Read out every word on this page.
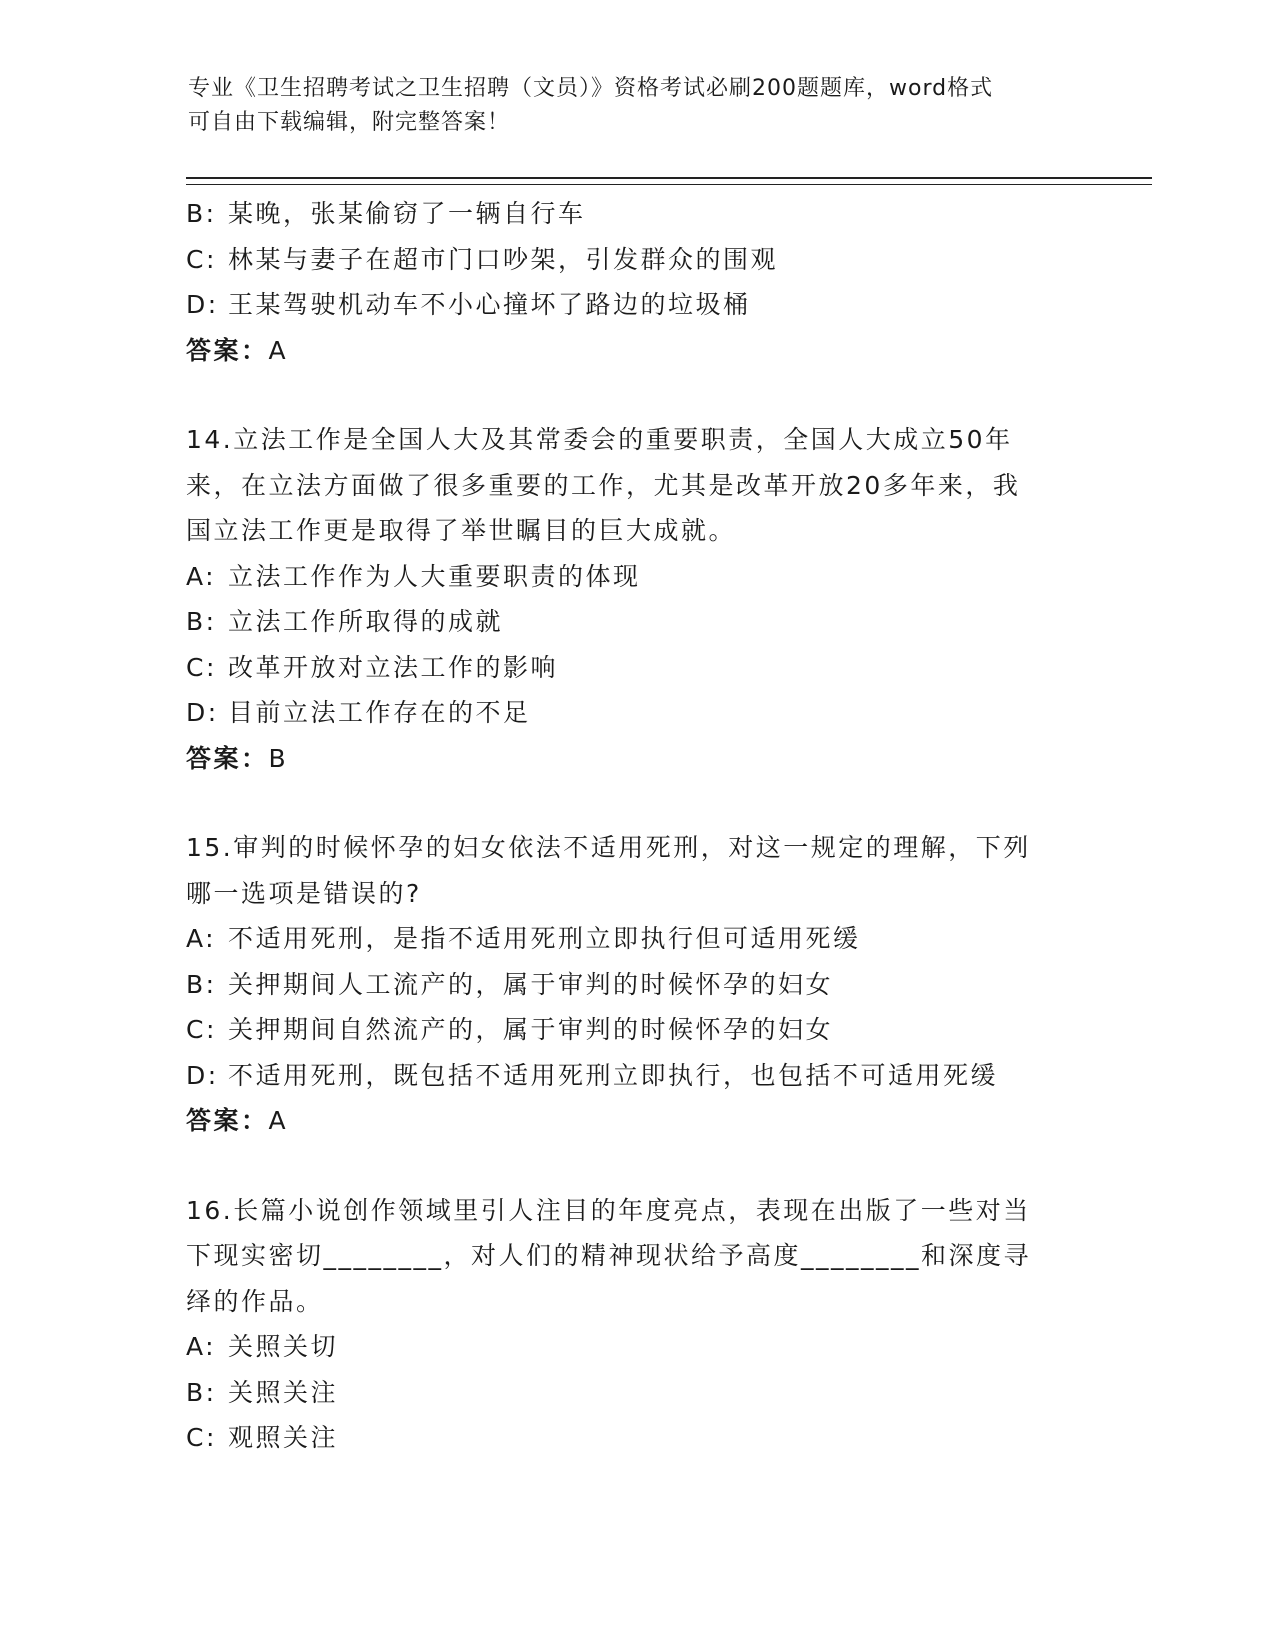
专业《卫生招聘考试之卫生招聘（文员）》资格考试必刷200题题库，word格式

可自由下载编辑，附完整答案！

B: 某晚，张某偷窃了一辆自行车
C: 林某与妻子在超市门口吵架，引发群众的围观
D: 王某驾驶机动车不小心撞坏了路边的垃圾桶
答案：A
14.立法工作是全国人大及其常委会的重要职责，全国人大成立50年
来，在立法方面做了很多重要的工作，尤其是改革开放20多年来，我
国立法工作更是取得了举世瞩目的巨大成就。
A: 立法工作作为人大重要职责的体现
B: 立法工作所取得的成就
C: 改革开放对立法工作的影响
D: 目前立法工作存在的不足
答案：B
15.审判的时候怀孕的妇女依法不适用死刑，对这一规定的理解，下列
哪一选项是错误的?
A: 不适用死刑，是指不适用死刑立即执行但可适用死缓
B: 关押期间人工流产的，属于审判的时候怀孕的妇女
C: 关押期间自然流产的，属于审判的时候怀孕的妇女
D: 不适用死刑，既包括不适用死刑立即执行，也包括不可适用死缓
答案：A
16.长篇小说创作领域里引人注目的年度亮点，表现在出版了一些对当
下现实密切________，对人们的精神现状给予高度________和深度寻
绎的作品。
A: 关照关切
B: 关照关注
C: 观照关注
